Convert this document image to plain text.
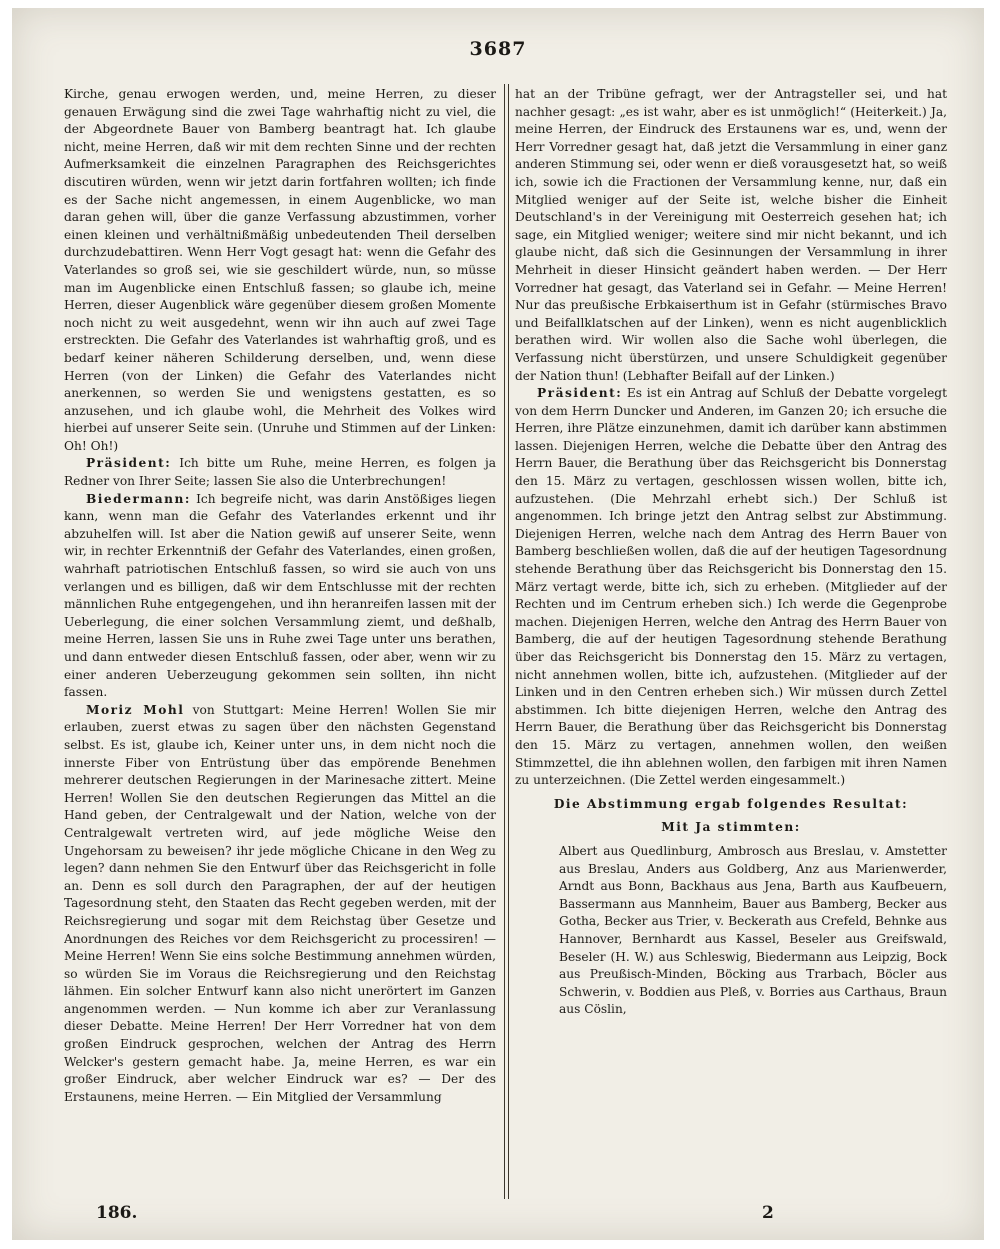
3687

Kirche, genau erwogen werden, und, meine Herren, zu dieser genauen Erwägung sind die zwei Tage wahrhaftig nicht zu viel, die der Abgeordnete Bauer von Bamberg beantragt hat. Ich glaube nicht, meine Herren, daß wir mit dem rechten Sinne und der rechten Aufmerksamkeit die einzelnen Paragraphen des Reichsgerichtes discutiren würden, wenn wir jetzt darin fortfahren wollten; ich finde es der Sache nicht angemessen, in einem Augenblicke, wo man daran gehen will, über die ganze Verfassung abzustimmen, vorher einen kleinen und verhältnißmäßig unbedeutenden Theil derselben durchzudebattiren. Wenn Herr Vogt gesagt hat: wenn die Gefahr des Vaterlandes so groß sei, wie sie geschildert würde, nun, so müsse man im Augenblicke einen Entschluß fassen; so glaube ich, meine Herren, dieser Augenblick wäre gegenüber diesem großen Momente noch nicht zu weit ausgedehnt, wenn wir ihn auch auf zwei Tage erstreckten. Die Gefahr des Vaterlandes ist wahrhaftig groß, und es bedarf keiner näheren Schilderung derselben, und, wenn diese Herren (von der Linken) die Gefahr des Vaterlandes nicht anerkennen, so werden Sie und wenigstens gestatten, es so anzusehen, und ich glaube wohl, die Mehrheit des Volkes wird hierbei auf unserer Seite sein. (Unruhe und Stimmen auf der Linken: Oh! Oh!)

Präsident: Ich bitte um Ruhe, meine Herren, es folgen ja Redner von Ihrer Seite; lassen Sie also die Unterbrechungen!

Biedermann: Ich begreife nicht, was darin Anstößiges liegen kann, wenn man die Gefahr des Vaterlandes erkennt und ihr abzuhelfen will. Ist aber die Nation gewiß auf unserer Seite, wenn wir, in rechter Erkenntniß der Gefahr des Vaterlandes, einen großen, wahrhaft patriotischen Entschluß fassen, so wird sie auch von uns verlangen und es billigen, daß wir dem Entschlusse mit der rechten männlichen Ruhe entgegengehen, und ihn heranreifen lassen mit der Ueberlegung, die einer solchen Versammlung ziemt, und deßhalb, meine Herren, lassen Sie uns in Ruhe zwei Tage unter uns berathen, und dann entweder diesen Entschluß fassen, oder aber, wenn wir zu einer anderen Ueberzeugung gekommen sein sollten, ihn nicht fassen.

Moriz Mohl von Stuttgart: Meine Herren! Wollen Sie mir erlauben, zuerst etwas zu sagen über den nächsten Gegenstand selbst. Es ist, glaube ich, Keiner unter uns, in dem nicht noch die innerste Fiber von Entrüstung über das empörende Benehmen mehrerer deutschen Regierungen in der Marinesache zittert. Meine Herren! Wollen Sie den deutschen Regierungen das Mittel an die Hand geben, der Centralgewalt und der Nation, welche von der Centralgewalt vertreten wird, auf jede mögliche Weise den Ungehorsam zu beweisen? ihr jede mögliche Chicane in den Weg zu legen? dann nehmen Sie den Entwurf über das Reichsgericht in folle an. Denn es soll durch den Paragraphen, der auf der heutigen Tagesordnung steht, den Staaten das Recht gegeben werden, mit der Reichsregierung und sogar mit dem Reichstag über Gesetze und Anordnungen des Reiches vor dem Reichsgericht zu processiren! — Meine Herren! Wenn Sie eins solche Bestimmung annehmen würden, so würden Sie im Voraus die Reichsregierung und den Reichstag lähmen. Ein solcher Entwurf kann also nicht unerörtert im Ganzen angenommen werden. — Nun komme ich aber zur Veranlassung dieser Debatte. Meine Herren! Der Herr Vorredner hat von dem großen Eindruck gesprochen, welchen der Antrag des Herrn Welcker's gestern gemacht habe. Ja, meine Herren, es war ein großer Eindruck, aber welcher Eindruck war es? — Der des Erstaunens, meine Herren. — Ein Mitglied der Versammlung

hat an der Tribüne gefragt, wer der Antragsteller sei, und hat nachher gesagt: „es ist wahr, aber es ist unmöglich!“ (Heiterkeit.) Ja, meine Herren, der Eindruck des Erstaunens war es, und, wenn der Herr Vorredner gesagt hat, daß jetzt die Versammlung in einer ganz anderen Stimmung sei, oder wenn er dieß vorausgesetzt hat, so weiß ich, sowie ich die Fractionen der Versammlung kenne, nur, daß ein Mitglied weniger auf der Seite ist, welche bisher die Einheit Deutschland's in der Vereinigung mit Oesterreich gesehen hat; ich sage, ein Mitglied weniger; weitere sind mir nicht bekannt, und ich glaube nicht, daß sich die Gesinnungen der Versammlung in ihrer Mehrheit in dieser Hinsicht geändert haben werden. — Der Herr Vorredner hat gesagt, das Vaterland sei in Gefahr. — Meine Herren! Nur das preußische Erbkaiserthum ist in Gefahr (stürmisches Bravo und Beifallklatschen auf der Linken), wenn es nicht augenblicklich berathen wird. Wir wollen also die Sache wohl überlegen, die Verfassung nicht überstürzen, und unsere Schuldigkeit gegenüber der Nation thun! (Lebhafter Beifall auf der Linken.)

Präsident: Es ist ein Antrag auf Schluß der Debatte vorgelegt von dem Herrn Duncker und Anderen, im Ganzen 20; ich ersuche die Herren, ihre Plätze einzunehmen, damit ich darüber kann abstimmen lassen. Diejenigen Herren, welche die Debatte über den Antrag des Herrn Bauer, die Berathung über das Reichsgericht bis Donnerstag den 15. März zu vertagen, geschlossen wissen wollen, bitte ich, aufzustehen. (Die Mehrzahl erhebt sich.) Der Schluß ist angenommen. Ich bringe jetzt den Antrag selbst zur Abstimmung. Diejenigen Herren, welche nach dem Antrag des Herrn Bauer von Bamberg beschließen wollen, daß die auf der heutigen Tagesordnung stehende Berathung über das Reichsgericht bis Donnerstag den 15. März vertagt werde, bitte ich, sich zu erheben. (Mitglieder auf der Rechten und im Centrum erheben sich.) Ich werde die Gegenprobe machen. Diejenigen Herren, welche den Antrag des Herrn Bauer von Bamberg, die auf der heutigen Tagesordnung stehende Berathung über das Reichsgericht bis Donnerstag den 15. März zu vertagen, nicht annehmen wollen, bitte ich, aufzustehen. (Mitglieder auf der Linken und in den Centren erheben sich.) Wir müssen durch Zettel abstimmen. Ich bitte diejenigen Herren, welche den Antrag des Herrn Bauer, die Berathung über das Reichsgericht bis Donnerstag den 15. März zu vertagen, annehmen wollen, den weißen Stimmzettel, die ihn ablehnen wollen, den farbigen mit ihren Namen zu unterzeichnen. (Die Zettel werden eingesammelt.)

Die Abstimmung ergab folgendes Resultat:

Mit Ja stimmten:

Albert aus Quedlinburg, Ambrosch aus Breslau, v. Amstetter aus Breslau, Anders aus Goldberg, Anz aus Marienwerder, Arndt aus Bonn, Backhaus aus Jena, Barth aus Kaufbeuern, Bassermann aus Mannheim, Bauer aus Bamberg, Becker aus Gotha, Becker aus Trier, v. Beckerath aus Crefeld, Behnke aus Hannover, Bernhardt aus Kassel, Beseler aus Greifswald, Beseler (H. W.) aus Schleswig, Biedermann aus Leipzig, Bock aus Preußisch-Minden, Böcking aus Trarbach, Böcler aus Schwerin, v. Boddien aus Pleß, v. Borries aus Carthaus, Braun aus Cöslin,

186.	2
